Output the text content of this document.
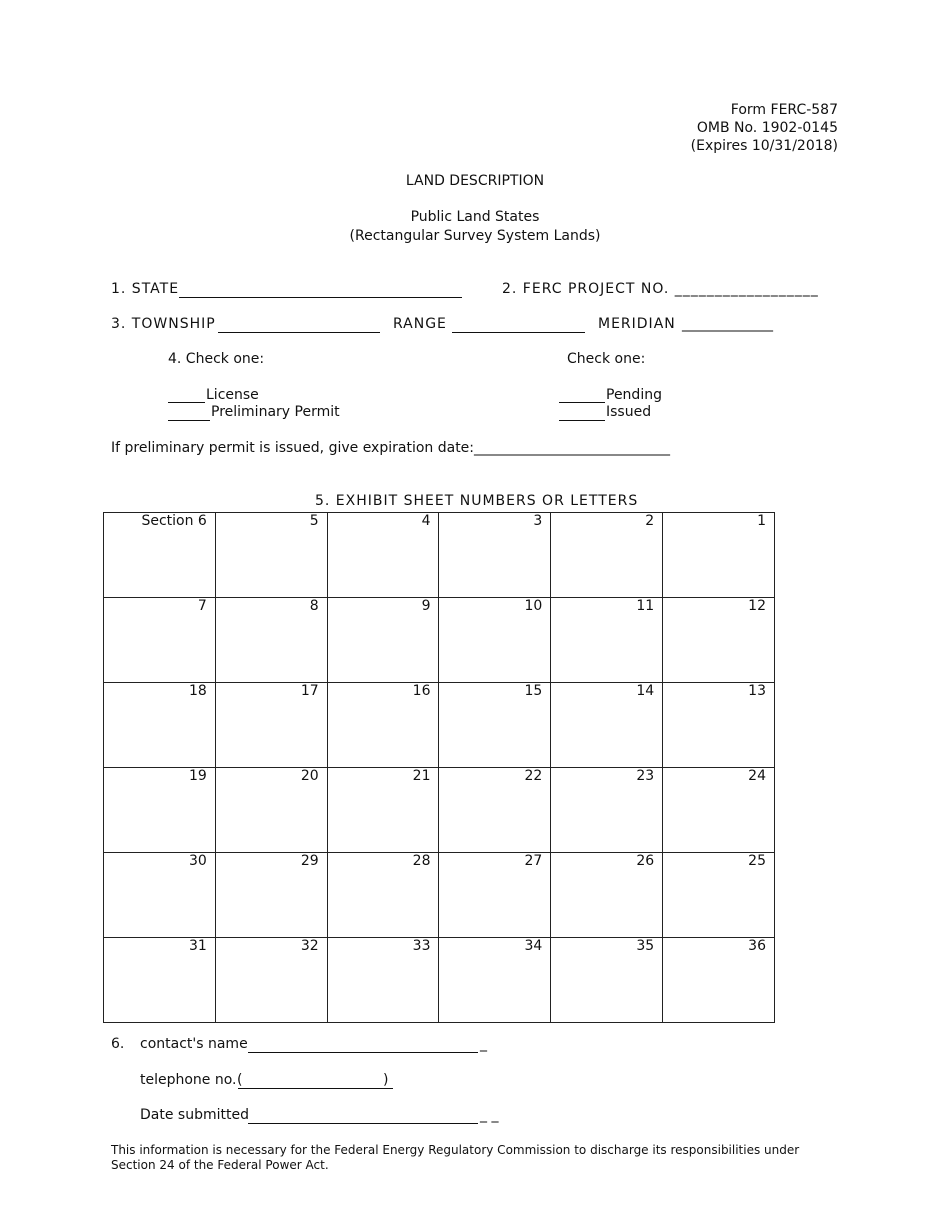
Form FERC-587
OMB No. 1902-0145
(Expires 10/31/2018)
LAND DESCRIPTION
Public Land States
(Rectangular Survey System Lands)
1. STATE	2. FERC PROJECT NO. __________________
3. TOWNSHIP	RANGE	MERIDIAN _____________
4. Check one:	Check one:
License
Preliminary Permit
Pending
Issued
If preliminary permit is issued, give expiration date:____________________________
5. EXHIBIT SHEET NUMBERS OR LETTERS
Section 6	5	4	3	2	1
7	8	9	10	11	12
18	17	16	15	14	13
19	20	21	22	23	24
30	29	28	27	26	25
31	32	33	34	35	36
6. contact's name	_
telephone no. (	)
Date submitted	_ _
This information is necessary for the Federal Energy Regulatory Commission to discharge its responsibilities under
Section 24 of the Federal Power Act.
